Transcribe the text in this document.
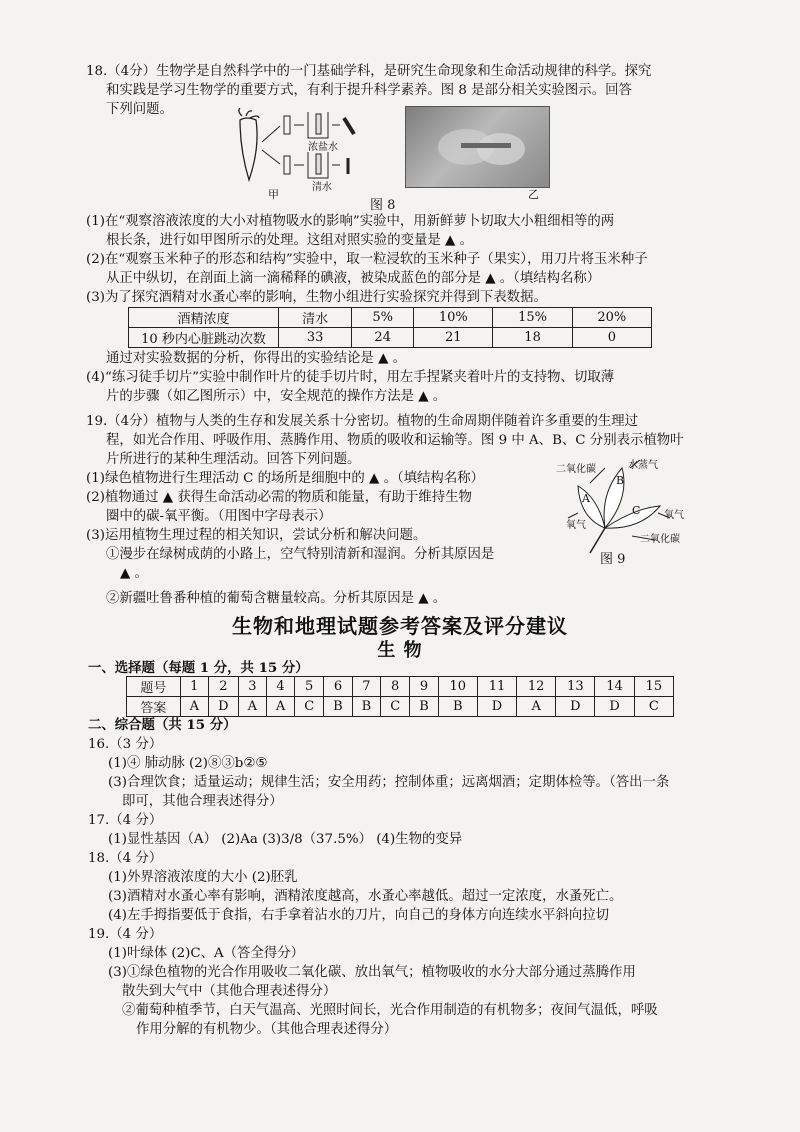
18.（4分）生物学是自然科学中的一门基础学科，是研究生命现象和生命活动规律的科学。探究
和实践是学习生物学的重要方式，有利于提升科学素养。图 8 是部分相关实验图示。回答
下列问题。
浓盐水
清水
甲	乙
图 8
(1)在“观察溶液浓度的大小对植物吸水的影响”实验中，用新鲜萝卜切取大小粗细相等的两
根长条，进行如甲图所示的处理。这组对照实验的变量是 ▲ 。
(2)在“观察玉米种子的形态和结构”实验中，取一粒浸软的玉米种子（果实），用刀片将玉米种子
从正中纵切，在剖面上滴一滴稀释的碘液，被染成蓝色的部分是 ▲ 。（填结构名称）
(3)为了探究酒精对水蚤心率的影响，生物小组进行实验探究并得到下表数据。
酒精浓度	清水	5%	10%	15%	20%
10 秒内心脏跳动次数	33	24	21	18	0
通过对实验数据的分析，你得出的实验结论是 ▲ 。
(4)“练习徒手切片”实验中制作叶片的徒手切片时，用左手捏紧夹着叶片的支持物、切取薄
片的步骤（如乙图所示）中，安全规范的操作方法是 ▲ 。
19.（4分）植物与人类的生存和发展关系十分密切。植物的生命周期伴随着许多重要的生理过
程，如光合作用、呼吸作用、蒸腾作用、物质的吸收和运输等。图 9 中 A、B、C 分别表示植物叶
片所进行的某种生理活动。回答下列问题。
(1)绿色植物进行生理活动 C 的场所是细胞中的 ▲ 。（填结构名称）
(2)植物通过 ▲ 获得生命活动必需的物质和能量，有助于维持生物
圈中的碳-氧平衡。（用图中字母表示）
(3)运用植物生理过程的相关知识，尝试分析和解决问题。
①漫步在绿树成荫的小路上，空气特别清新和湿润。分析其原因是
▲ 。
②新疆吐鲁番种植的葡萄含糖量较高。分析其原因是 ▲ 。
二氧化碳	水蒸气
A
B
C
氧气
氧气
二氧化碳
图 9
生物和地理试题参考答案及评分建议
生 物
一、选择题（每题 1 分，共 15 分）
题号	1	2	3	4	5	6	7	8	9	10	11	12	13	14	15
答案	A	D	A	A	C	B	B	C	B	B	D	A	D	D	C
二、综合题（共 15 分）
16.（3 分）
(1)④ 肺动脉 (2)⑧③b②⑤
(3)合理饮食；适量运动；规律生活；安全用药；控制体重；远离烟酒；定期体检等。（答出一条
即可，其他合理表述得分）
17.（4 分）
(1)显性基因（A） (2)Aa (3)3/8（37.5%） (4)生物的变异
18.（4 分）
(1)外界溶液浓度的大小 (2)胚乳
(3)酒精对水蚤心率有影响，酒精浓度越高，水蚤心率越低。超过一定浓度，水蚤死亡。
(4)左手拇指要低于食指，右手拿着沾水的刀片，向自己的身体方向连续水平斜向拉切
19.（4 分）
(1)叶绿体 (2)C、A（答全得分）
(3)①绿色植物的光合作用吸收二氧化碳、放出氧气；植物吸收的水分大部分通过蒸腾作用
散失到大气中（其他合理表述得分）
②葡萄种植季节，白天气温高、光照时间长，光合作用制造的有机物多；夜间气温低，呼吸
作用分解的有机物少。（其他合理表述得分）
